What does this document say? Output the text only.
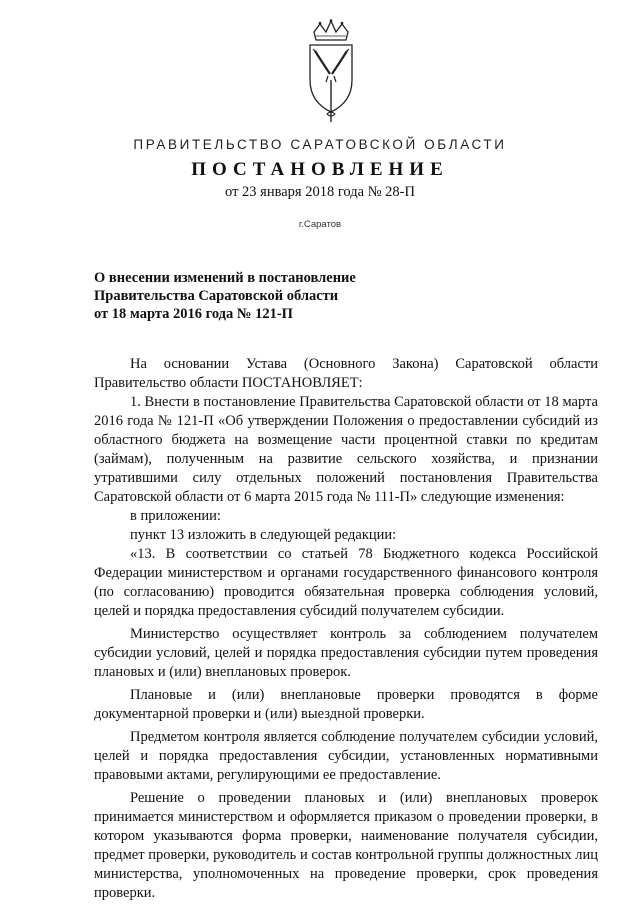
ПРАВИТЕЛЬСТВО САРАТОВСКОЙ ОБЛАСТИ
ПОСТАНОВЛЕНИЕ
от 23 января 2018 года № 28-П
г.Саратов
О внесении изменений в постановление
Правительства Саратовской области
от 18 марта 2016 года № 121-П
На основании Устава (Основного Закона) Саратовской области Правительство области ПОСТАНОВЛЯЕТ:
1. Внести в постановление Правительства Саратовской области от 18 марта 2016 года № 121-П «Об утверждении Положения о предоставлении субсидий из областного бюджета на возмещение части процентной ставки по кредитам (займам), полученным на развитие сельского хозяйства, и признании утратившими силу отдельных положений постановления Правительства Саратовской области от 6 марта 2015 года № 111-П» следующие изменения:
в приложении:
пункт 13 изложить в следующей редакции:
«13. В соответствии со статьей 78 Бюджетного кодекса Российской Федерации министерством и органами государственного финансового контроля (по согласованию) проводится обязательная проверка соблюдения условий, целей и порядка предоставления субсидий получателем субсидии.
Министерство осуществляет контроль за соблюдением получателем субсидии условий, целей и порядка предоставления субсидии путем проведения плановых и (или) внеплановых проверок.
Плановые и (или) внеплановые проверки проводятся в форме документарной проверки и (или) выездной проверки.
Предметом контроля является соблюдение получателем субсидии условий, целей и порядка предоставления субсидии, установленных нормативными правовыми актами, регулирующими ее предоставление.
Решение о проведении плановых и (или) внеплановых проверок принимается министерством и оформляется приказом о проведении проверки, в котором указываются форма проверки, наименование получателя субсидии, предмет проверки, руководитель и состав контрольной группы должностных лиц министерства, уполномоченных на проведение проверки, срок проведения проверки.
